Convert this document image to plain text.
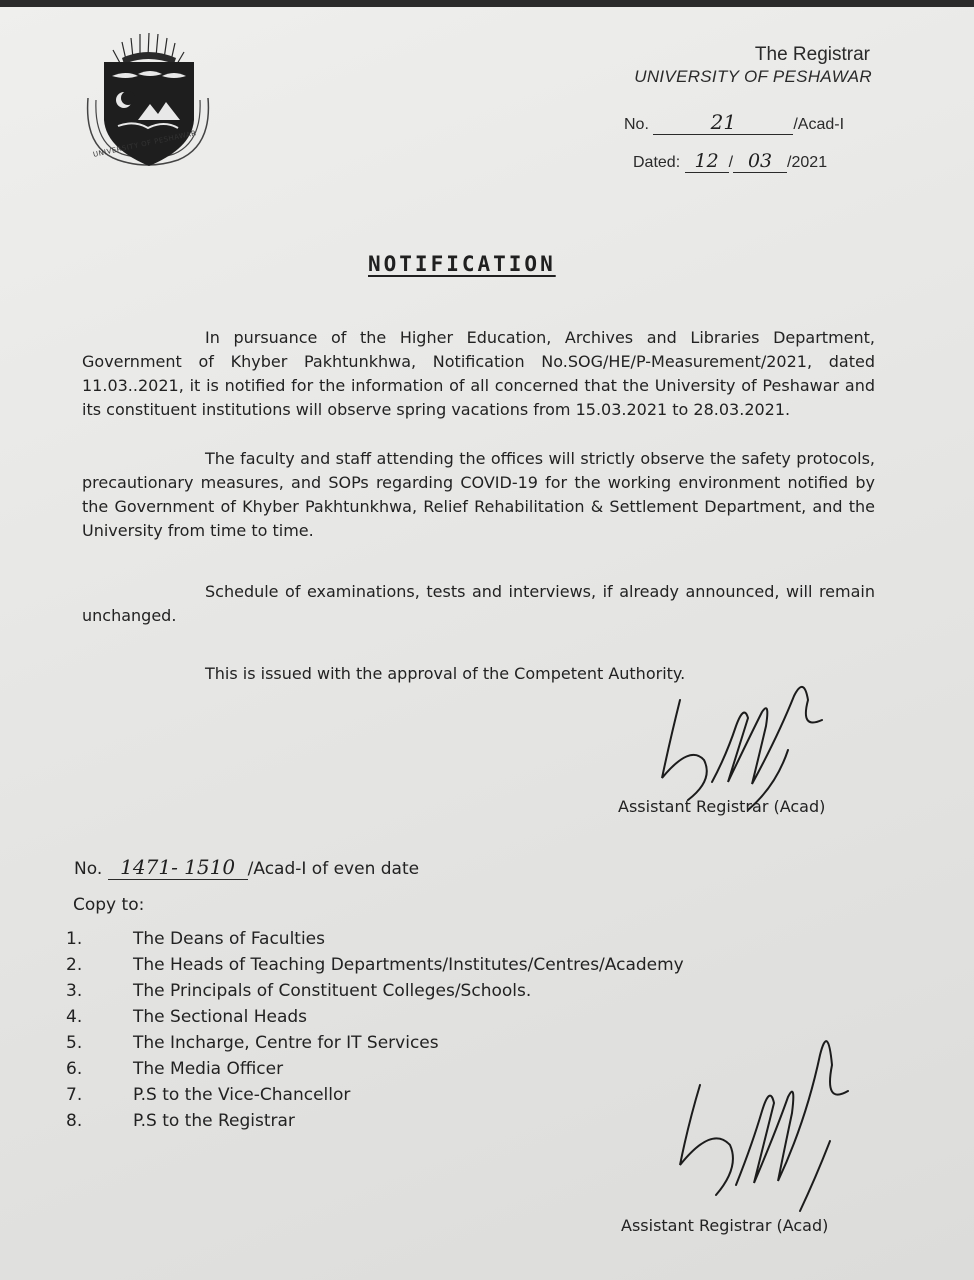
UNIVERSITY OF PESHAWAR
The Registrar
UNIVERSITY OF PESHAWAR
No.	21	/Acad-I
Dated: 12 / 03 /2021
NOTIFICATION

In pursuance of the Higher Education, Archives and Libraries Department, Government of Khyber Pakhtunkhwa, Notification No.SOG/HE/P-Measurement/2021, dated 11.03..2021, it is notified for the information of all concerned that the University of Peshawar and its constituent institutions will observe spring vacations from 15.03.2021 to 28.03.2021.

The faculty and staff attending the offices will strictly observe the safety protocols, precautionary measures, and SOPs regarding COVID-19 for the working environment notified by the Government of Khyber Pakhtunkhwa, Relief Rehabilitation & Settlement Department, and the University from time to time.

Schedule of examinations, tests and interviews, if already announced, will remain unchanged.

This is issued with the approval of the Competent Authority.
Assistant Registrar (Acad)
No. 1471- 1510 /Acad-I of even date
Copy to:
1.	The Deans of Faculties
2.	The Heads of Teaching Departments/Institutes/Centres/Academy
3.	The Principals of Constituent Colleges/Schools.
4.	The Sectional Heads
5.	The Incharge, Centre for IT Services
6.	The Media Officer
7.	P.S to the Vice-Chancellor
8.	P.S to the Registrar
Assistant Registrar (Acad)
